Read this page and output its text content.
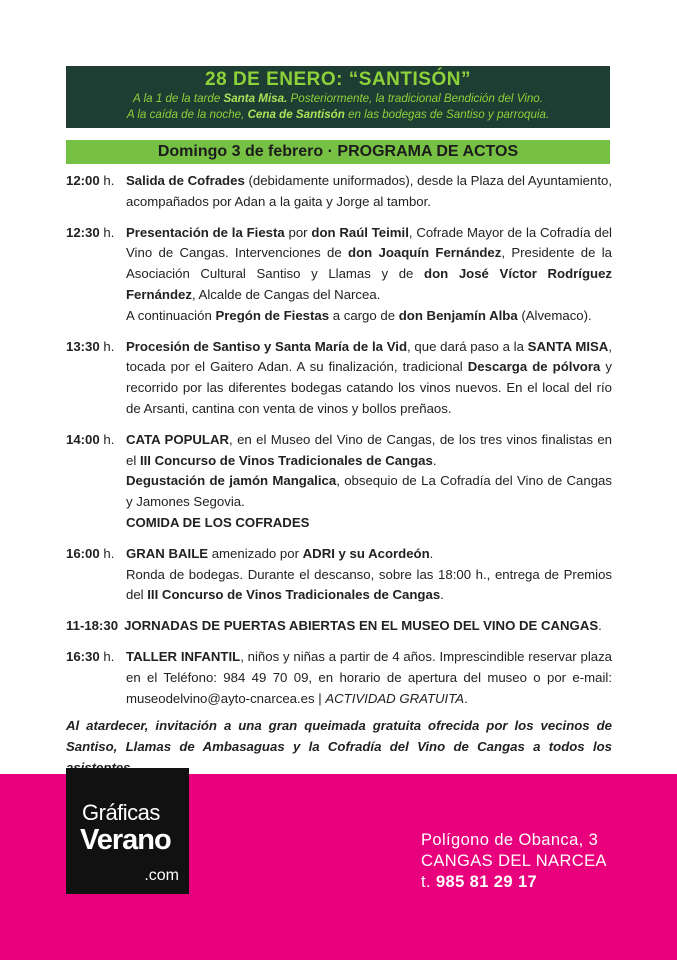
28 DE ENERO: “SANTISÓN”
A la 1 de la tarde Santa Misa. Posteriormente, la tradicional Bendición del Vino.
A la caída de la noche, Cena de Santisón en las bodegas de Santiso y parroquia.
Domingo 3 de febrero · PROGRAMA DE ACTOS
12:00 h. Salida de Cofrades (debidamente uniformados), desde la Plaza del Ayuntamiento, acompañados por Adan a la gaita y Jorge al tambor.

12:30 h. Presentación de la Fiesta por don Raúl Teimil, Cofrade Mayor de la Cofradía del Vino de Cangas. Intervenciones de don Joaquín Fernández, Presidente de la Asociación Cultural Santiso y Llamas y de don José Víctor Rodríguez Fernández, Alcalde de Cangas del Narcea.

A continuación Pregón de Fiestas a cargo de don Benjamín Alba (Alvemaco).

13:30 h. Procesión de Santiso y Santa María de la Vid, que dará paso a la SANTA MISA, tocada por el Gaitero Adan. A su finalización, tradicional Descarga de pólvora y recorrido por las diferentes bodegas catando los vinos nuevos. En el local del río de Arsanti, cantina con venta de vinos y bollos preñaos.

14:00 h. CATA POPULAR, en el Museo del Vino de Cangas, de los tres vinos finalistas en el III Concurso de Vinos Tradicionales de Cangas.

Degustación de jamón Mangalica, obsequio de La Cofradía del Vino de Cangas y Jamones Segovia.

COMIDA DE LOS COFRADES

16:00 h. GRAN BAILE amenizado por ADRI y su Acordeón.

Ronda de bodegas. Durante el descanso, sobre las 18:00 h., entrega de Premios del III Concurso de Vinos Tradicionales de Cangas.

11-18:30 JORNADAS DE PUERTAS ABIERTAS EN EL MUSEO DEL VINO DE CANGAS.

16:30 h. TALLER INFANTIL, niños y niñas a partir de 4 años. Imprescindible reservar plaza en el Teléfono: 984 49 70 09, en horario de apertura del museo o por e-mail: museodelvino@ayto-cnarcea.es | ACTIVIDAD GRATUITA.

Al atardecer, invitación a una gran queimada gratuita ofrecida por los vecinos de Santiso, Llamas de Ambasaguas y la Cofradía del Vino de Cangas a todos los
Gráficas
Verano
.com
Polígono de Obanca, 3
CANGAS DEL NARCEA
t. 985 81 29 17
